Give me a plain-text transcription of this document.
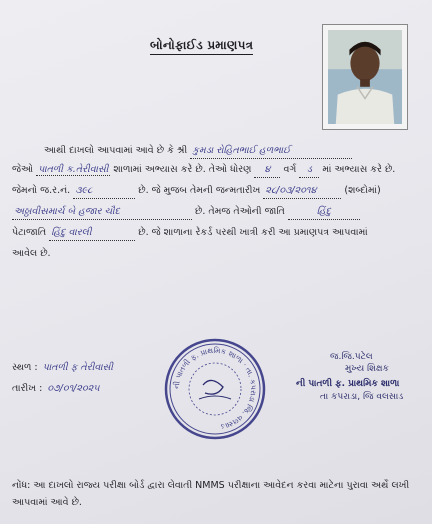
બોનોફાઈડ પ્રમાણપત્ર
આથી દાખલો આપવામાં આવે છે કે શ્રી કુમડા રોહિતભાઈ હળભાઈ
જેઓ પાતળી ક.તેરીવાસી શાળામાં અભ્યાસ કરે છે. તેઓ ધોરણ ૪ વર્ગ ડ માં અભ્યાસ કરે છે.
જેમનો જ.ર.નં. ૩૯૮	છે. જે મુજબ તેમની જન્મતારીખ ૨૮/૦૩/૨૦૧૪	(શબ્દોમાં)
અઠ્ઠાવીસમાર્ચ બે હજાર ચૌદ	છે. તેમજ તેઓની જાતિ	હિંદુ
પેટાજાતિ હિંદુ વારલી	છે. જે શાળાના રેકર્ડ પરથી ખાત્રી કરી આ પ્રમાણપત્ર આપવામાં
આવેલ છે.
સ્થળ : પાતળી ફ તેરીવાસી
તારીખ : ૦૭/૦૧/૨૦૨૫	ની પાતળી ફ. પ્રાથમિક શાળા · તા. કપરાડા જિ. વલસાડ
જ.જિ.પટેલ
મુખ્ય શિક્ષક
ની પાતળી ફ. પ્રાથમિક શાળા
તા કપરાડા, જિ વલસાડ
નોંધ: આ દાખલો રાજ્ય પરીક્ષા બોર્ડ દ્વારા લેવાતી NMMS પરીક્ષાના આવેદન કરવા માટેના પુરાવા અર્થે લખી આપવામાં આવે છે.
